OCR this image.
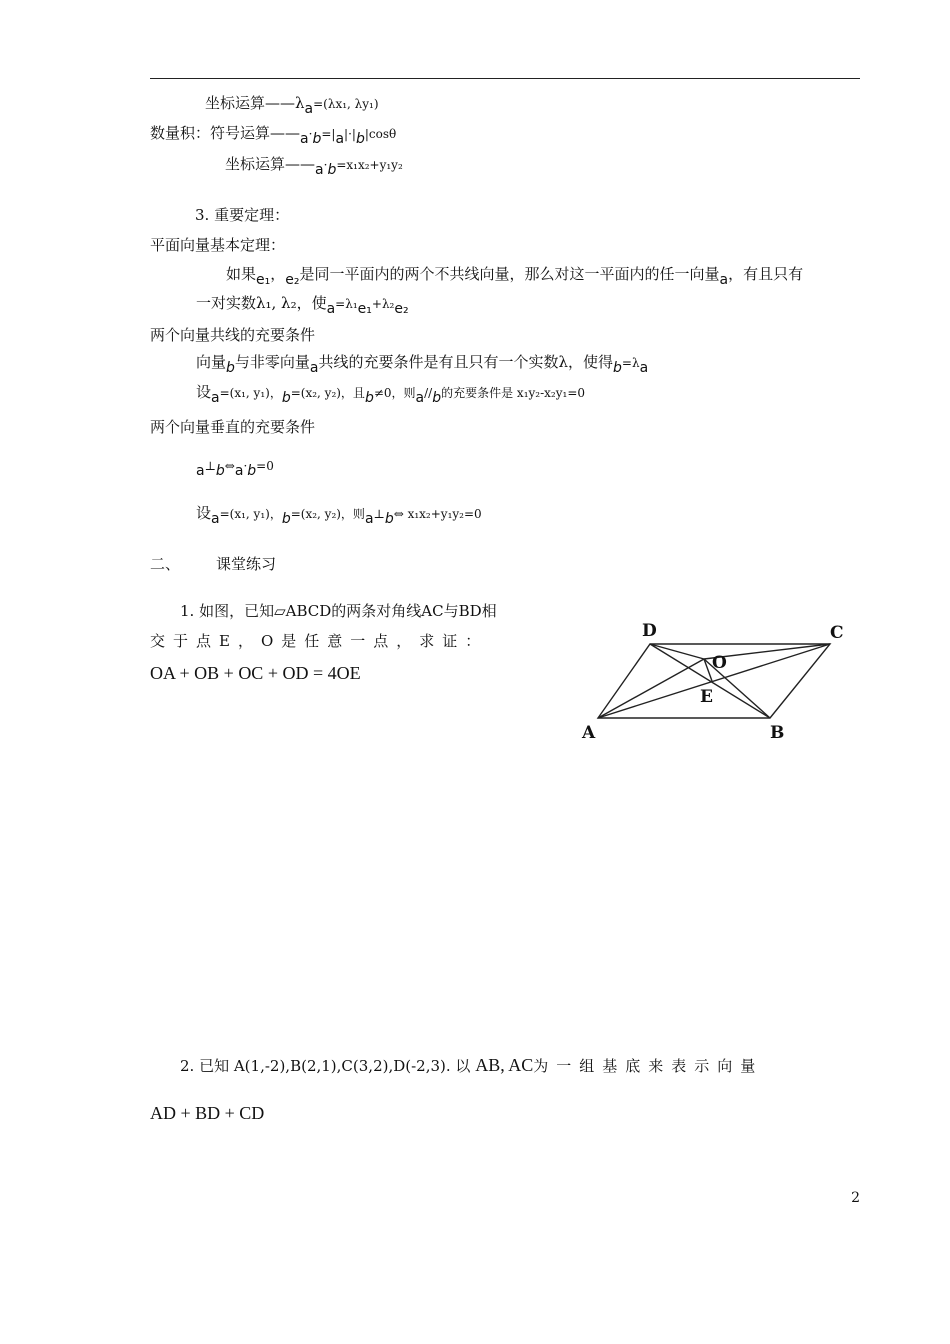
坐标运算——λa=(λx₁, λy₁)
数量积：符号运算——a·b=|a|·|b|cosθ
坐标运算——a·b=x₁x₂+y₁y₂
3. 重要定理：
平面向量基本定理：
如果e₁，e₂是同一平面内的两个不共线向量，那么对这一平面内的任一向量a，有且只有
一对实数λ₁, λ₂，使a=λ₁e₁+λ₂e₂
两个向量共线的充要条件
向量b与非零向量a共线的充要条件是有且只有一个实数λ，使得b=λa
设a=(x₁, y₁)，b=(x₂, y₂)，且b≠0，则a//b的充要条件是 x₁y₂-x₂y₁=0
两个向量垂直的充要条件
a⊥b⇔a·b=0
设a=(x₁, y₁)，b=(x₂, y₂)，则a⊥b⇔ x₁x₂+y₁y₂=0
二、 课堂练习
1. 如图，已知▱ABCD的两条对角线AC与BD相
交于点E，O是任意一点，求证：
OA + OB + OC + OD = 4OE
A	B
C
D
E
O
2. 已知 A(1,-2),B(2,1),C(3,2),D(-2,3). 以 AB, AC为一组基底来表示向量
AD + BD + CD
2
